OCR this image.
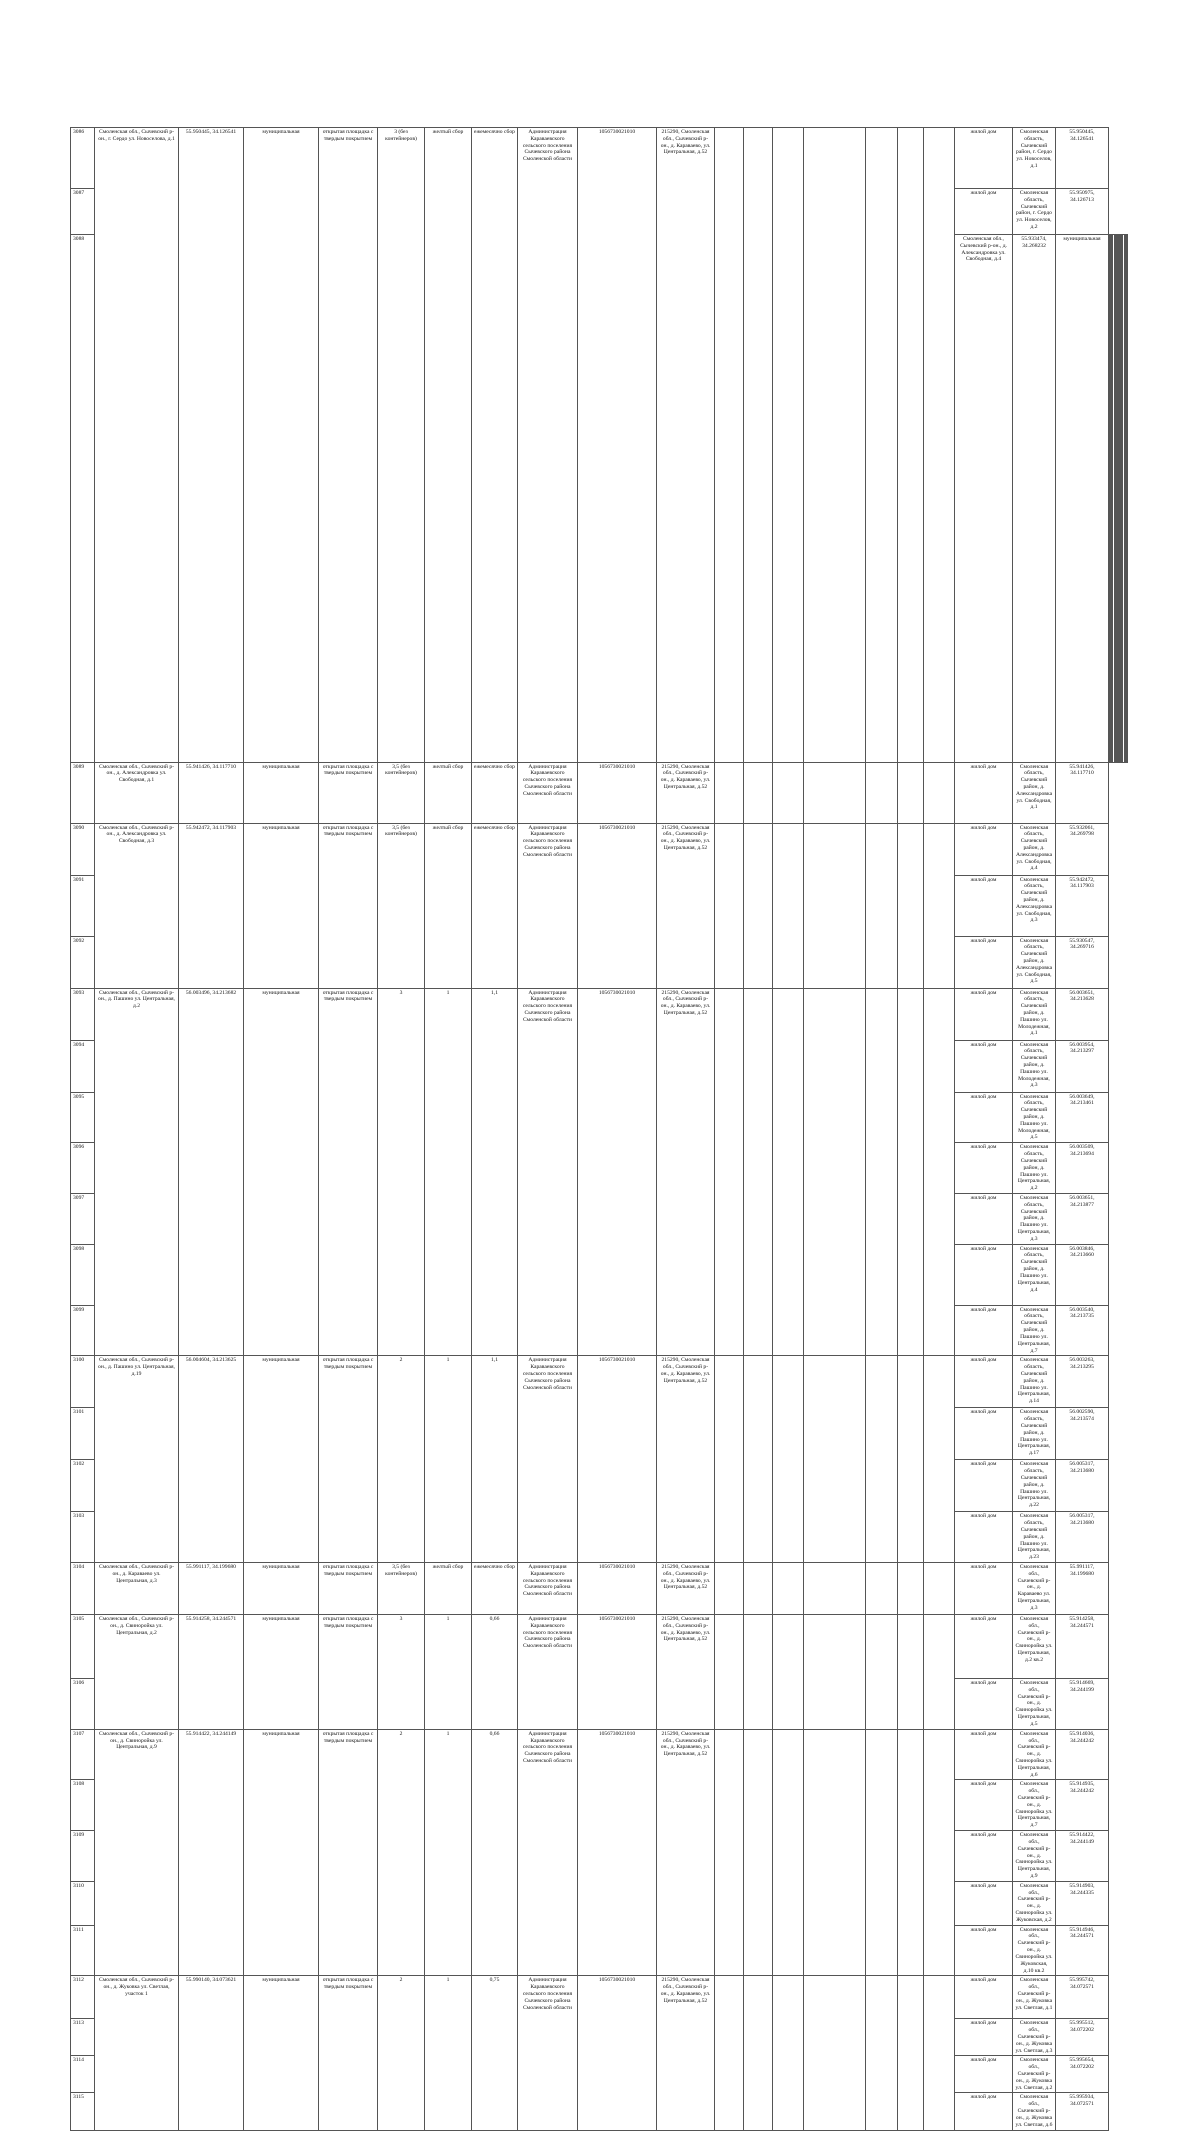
3086	Смоленская обл., Сычевский р-он., г. Сердо ул. Новоселова, д.1	55.950445, 34.126541	муниципальная	открытая площадка с твердым покрытием	3 (без контейнеров)	желтый сбор	ежемесячно сбор	Администрация Караваевского сельского поселения Сычевского района Смоленской области	1056730021010	215290, Смоленская обл., Сычевский р-он., д. Караваево, ул. Центральная, д.52								жилой дом	Смоленская область, Сычевский район, г. Сердо ул. Новоселов, д.1	55.950445, 34.126541										
3087																		жилой дом	Смоленская область, Сычевский район, г. Сердо ул. Новоселов, д.2	55.950975, 34.126713										
3088																		Смоленская обл., Сычевский р-он., д. Александровка ул. Свободная, д.4	55.933474, 34.268232	муниципальная																	
3089	Смоленская обл., Сычевский р-он., д. Александровка ул. Свободная, д.1	55.941426, 34.117710	муниципальная	открытая площадка с твердым покрытием	3,5 (без контейнеров)	желтый сбор	ежемесячно сбор	Администрация Караваевского сельского поселения Сычевского района Смоленской области	1056730021010	215290, Смоленская обл., Сычевский р-он., д. Караваево, ул. Центральная, д.52								жилой дом	Смоленская область, Сычевский район, д. Александровка ул. Свободная, д.1	55.941426, 34.117710										
3090	Смоленская обл., Сычевский р-он., д. Александровка ул. Свободная, д.3	55.942472, 34.117903	муниципальная	открытая площадка с твердым покрытием	3,5 (без контейнеров)	желтый сбор	ежемесячно сбор	Администрация Караваевского сельского поселения Сычевского района Смоленской области	1056730021010	215290, Смоленская обл., Сычевский р-он., д. Караваево, ул. Центральная, д.52								жилой дом	Смоленская область, Сычевский район, д. Александровка ул. Свободная, д.4	55.932061, 34.269798										
3091																		жилой дом	Смоленская область, Сычевский район, д. Александровка ул. Свободная, д.3	55.942472, 34.117903										
3092																		жилой дом	Смоленская область, Сычевский район, д. Александровка ул. Свободная, д.5	55.930547, 34.269716										
3093	Смоленская обл., Сычевский р-он., д. Пашино ул. Центральная, д.2	56.003496, 34.213682	муниципальная	открытая площадка с твердым покрытием	3	1	1,1	Администрация Караваевского сельского поселения Сычевского района Смоленской области	1056730021010	215290, Смоленская обл., Сычевский р-он., д. Караваево, ул. Центральная, д.52								жилой дом	Смоленская область, Сычевский район, д. Пашино ул. Молодежная, д.1	56.003651, 34.213628										
3094																		жилой дом	Смоленская область, Сычевский район, д. Пашино ул. Молодежная, д.3	56.003954, 34.213297										
3095																		жилой дом	Смоленская область, Сычевский район, д. Пашино ул. Молодежная, д.5	56.003649, 34.213461										
3096																		жилой дом	Смоленская область, Сычевский район, д. Пашино ул. Центральная, д.2	56.003509, 34.213694										
3097																		жилой дом	Смоленская область, Сычевский район, д. Пашино ул. Центральная, д.3	56.003651, 34.213877										
3098																		жилой дом	Смоленская область, Сычевский район, д. Пашино ул. Центральная, д.4	56.003846, 34.213660										
3099																		жилой дом	Смоленская область, Сычевский район, д. Пашино ул. Центральная, д.7	56.003540, 34.213735										
3100	Смоленская обл., Сычевский р-он., д. Пашино ул. Центральная, д.19	56.004604, 34.213625	муниципальная	открытая площадка с твердым покрытием	2	1	1,1	Администрация Караваевского сельского поселения Сычевского района Смоленской области	1056730021010	215290, Смоленская обл., Сычевский р-он., д. Караваево, ул. Центральная, д.52								жилой дом	Смоленская область, Сычевский район, д. Пашино ул. Центральная, д.14	56.003263, 34.213295										
3101																		жилой дом	Смоленская область, Сычевский район, д. Пашино ул. Центральная, д.17	56.002590, 34.213574										
3102																		жилой дом	Смоленская область, Сычевский район, д. Пашино ул. Центральная, д.22	56.005317, 34.213680										
3103																		жилой дом	Смоленская область, Сычевский район, д. Пашино ул. Центральная, д.23	56.005317, 34.213680										
3104	Смоленская обл., Сычевский р-он., д. Караваево ул. Центральная, д.3	55.991117, 34.199680	муниципальная	открытая площадка с твердым покрытием	3,5 (без контейнеров)	желтый сбор	ежемесячно сбор	Администрация Караваевского сельского поселения Сычевского района Смоленской области	1056730021010	215290, Смоленская обл., Сычевский р-он., д. Караваево, ул. Центральная, д.52								жилой дом	Смоленская обл., Сычевский р-он., д. Караваево ул. Центральная, д.3	55.991117, 34.199680										
3105	Смоленская обл., Сычевский р-он., д. Свиноройка ул. Центральная, д.2	55.914258, 34.244571	муниципальная	открытая площадка с твердым покрытием	3	1	0,66	Администрация Караваевского сельского поселения Сычевского района Смоленской области	1056730021010	215290, Смоленская обл., Сычевский р-он., д. Караваево, ул. Центральная, д.52								жилой дом	Смоленская обл., Сычевский р-он., д. Свиноройка ул. Центральная, д.2 кв.2	55.914258, 34.244571										
3106																		жилой дом	Смоленская обл., Сычевский р-он., д. Свиноройка ул. Центральная, д.5	55.914669, 34.244199										
3107	Смоленская обл., Сычевский р-он., д. Свиноройка ул. Центральная, д.9	55.914422, 34.244149	муниципальная	открытая площадка с твердым покрытием	2	1	0,66	Администрация Караваевского сельского поселения Сычевского района Смоленской области	1056730021010	215290, Смоленская обл., Сычевский р-он., д. Караваево, ул. Центральная, д.52								жилой дом	Смоленская обл., Сычевский р-он., д. Свиноройка ул. Центральная, д.6	55.914036, 34.244242										
3108																		жилой дом	Смоленская обл., Сычевский р-он., д. Свиноройка ул. Центральная, д.7	55.914935, 34.244242										
3109																		жилой дом	Смоленская обл., Сычевский р-он., д. Свиноройка ул. Центральная, д.9	55.914422, 34.244149										
3110																		жилой дом	Смоленская обл., Сычевский р-он., д. Свиноройка ул. Жуковская, д.2	55.914903, 34.244335										
3111																		жилой дом	Смоленская обл., Сычевский р-он., д. Свиноройка ул. Жуковская, д.10 кв.2	55.914946, 34.244571										
3112	Смоленская обл., Сычевский р-он., д. Жуковка ул. Светлая, участок 1	55.990140, 34.073621	муниципальная	открытая площадка с твердым покрытием	2	1	0,75	Администрация Караваевского сельского поселения Сычевского района Смоленской области	1056730021010	215290, Смоленская обл., Сычевский р-он., д. Караваево, ул. Центральная, д.52								жилой дом	Смоленская обл., Сычевский р-он., д. Жуковка ул. Светлая, д.1	55.995742, 34.072571										
3113																		жилой дом	Смоленская обл., Сычевский р-он., д. Жуковка ул. Светлая, д.3	55.995512, 34.072202										
3114																		жилой дом	Смоленская обл., Сычевский р-он., д. Жуковка ул. Светлая, д.2	55.995654, 34.072202										
3115																		жилой дом	Смоленская обл., Сычевский р-он., д. Жуковка ул. Светлая, д.6	55.995934, 34.072571										
